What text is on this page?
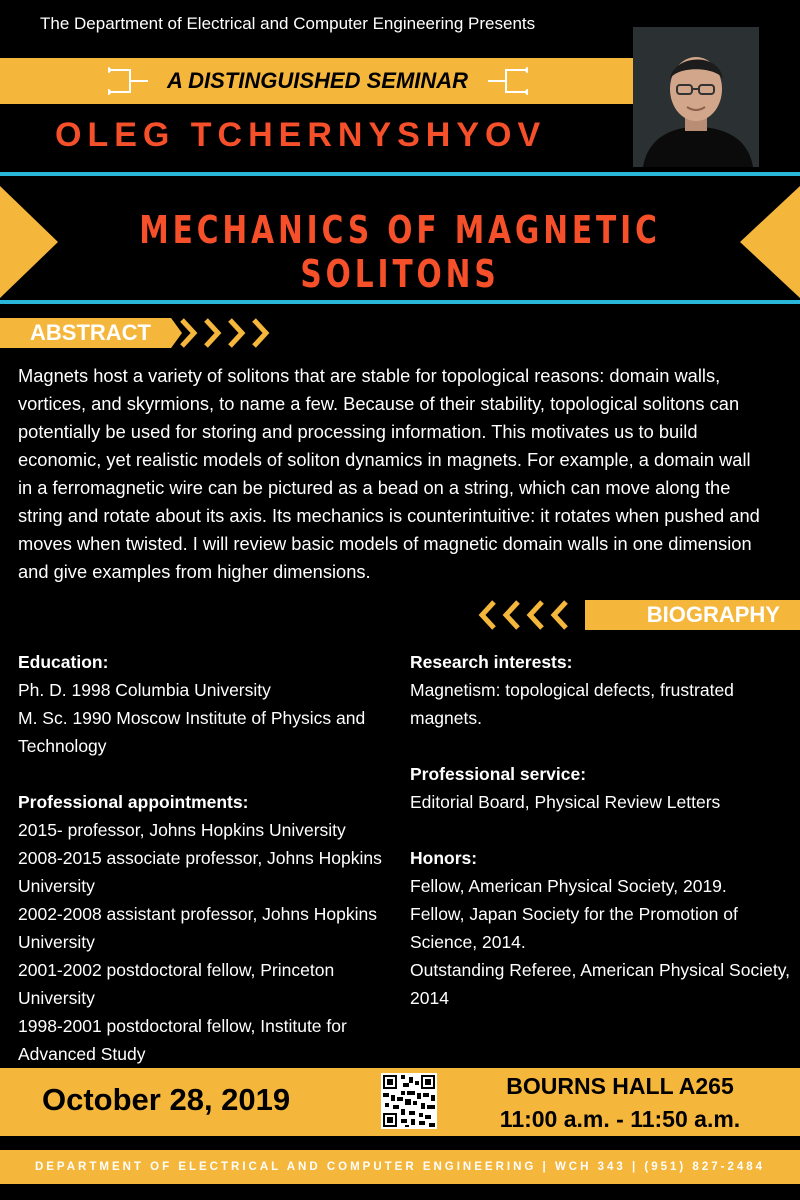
The Department of Electrical and Computer Engineering Presents
A DISTINGUISHED SEMINAR
OLEG TCHERNYSHYOV
MECHANICS OF MAGNETIC SOLITONS
ABSTRACT
Magnets host a variety of solitons that are stable for topological reasons: domain walls, vortices, and skyrmions, to name a few. Because of their stability, topological solitons can potentially be used for storing and processing information. This motivates us to build economic, yet realistic models of soliton dynamics in magnets. For example, a domain wall in a ferromagnetic wire can be pictured as a bead on a string, which can move along the string and rotate about its axis. Its mechanics is counterintuitive: it rotates when pushed and moves when twisted. I will review basic models of magnetic domain walls in one dimension and give examples from higher dimensions.
BIOGRAPHY
Education:

Ph. D. 1998 Columbia University

M. Sc. 1990 Moscow Institute of Physics and Technology

Professional appointments:

2015- professor, Johns Hopkins University

2008-2015 associate professor, Johns Hopkins University

2002-2008 assistant professor, Johns Hopkins University

2001-2002 postdoctoral fellow, Princeton University

1998-2001 postdoctoral fellow, Institute for Advanced Study

Research interests:

Magnetism: topological defects, frustrated magnets.

Professional service:

Editorial Board, Physical Review Letters

Honors:

Fellow, American Physical Society, 2019.

Fellow, Japan Society for the Promotion of Science, 2014.

Outstanding Referee, American Physical Society, 2014

October 28, 2019	BOURNS HALL A265
11:00 a.m. - 11:50 a.m.
DEPARTMENT OF ELECTRICAL AND COMPUTER ENGINEERING | WCH 343 | (951) 827-2484
